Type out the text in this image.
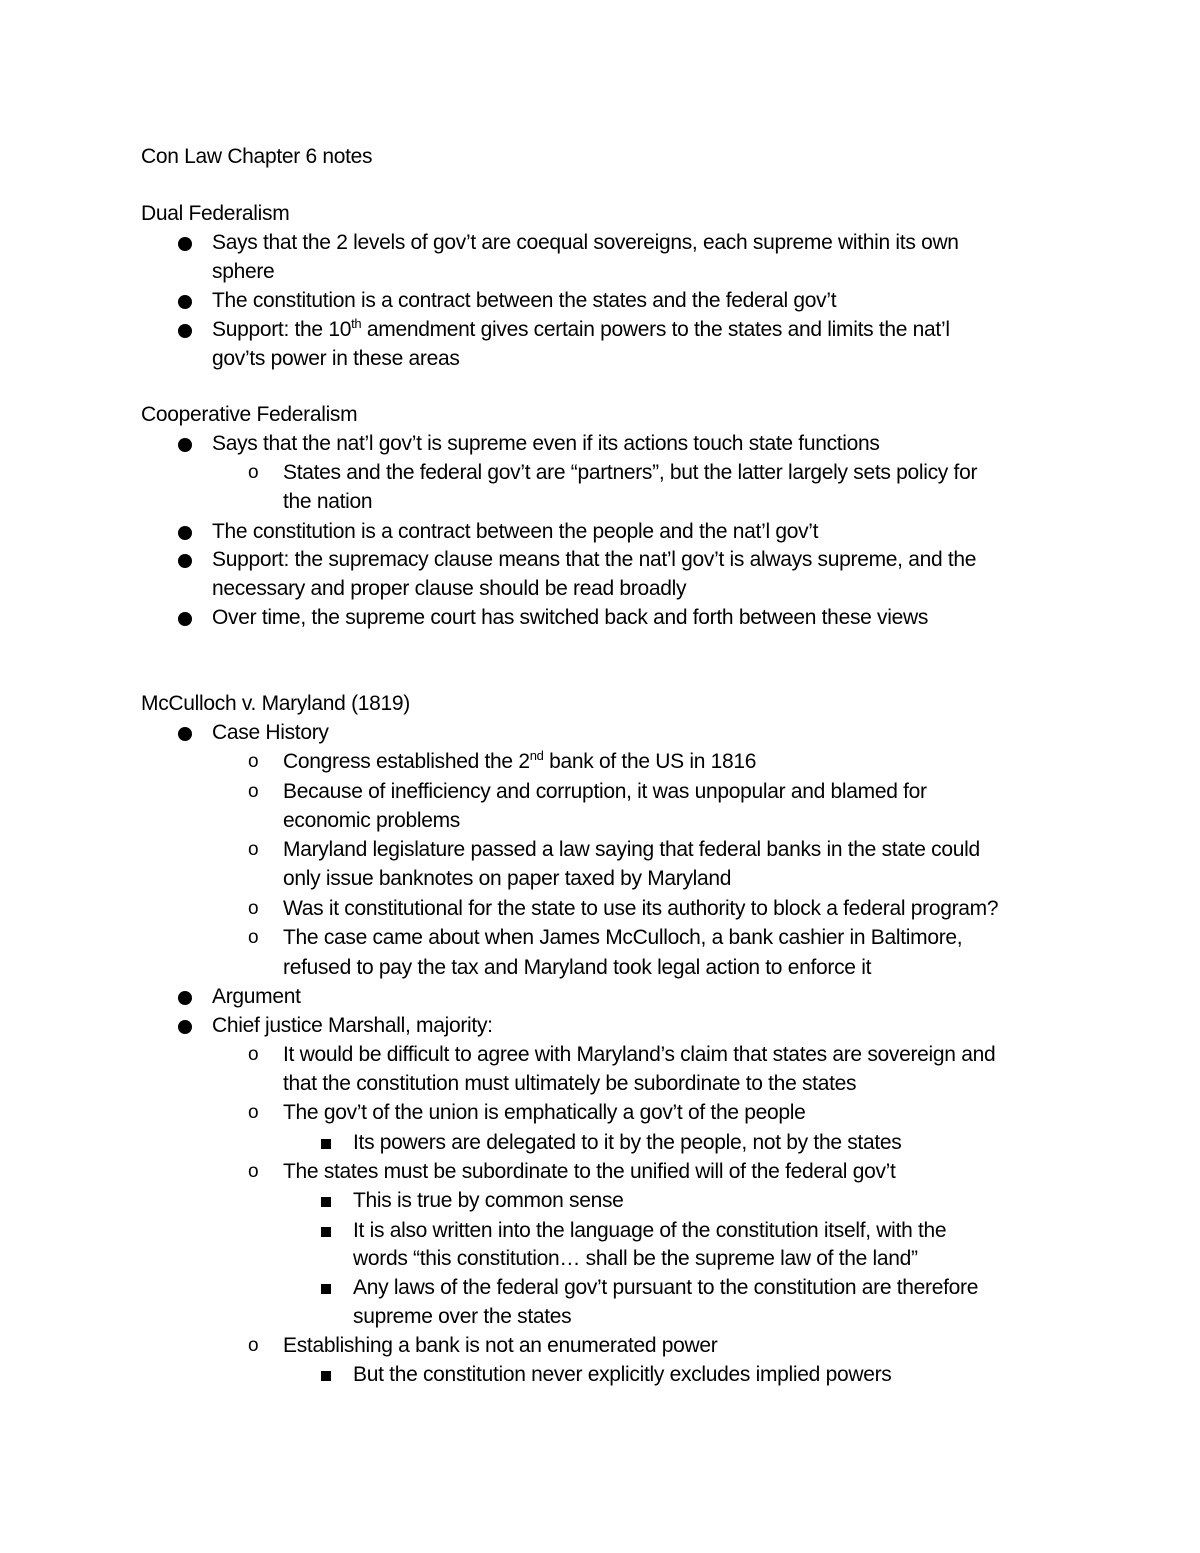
Con Law Chapter 6 notes
Dual Federalism
Says that the 2 levels of gov’t are coequal sovereigns, each supreme within its own
sphere
The constitution is a contract between the states and the federal gov’t
Support: the 10th amendment gives certain powers to the states and limits the nat’l
gov’ts power in these areas
Cooperative Federalism
Says that the nat’l gov’t is supreme even if its actions touch state functions
o States and the federal gov’t are “partners”, but the latter largely sets policy for
the nation
The constitution is a contract between the people and the nat’l gov’t
Support: the supremacy clause means that the nat’l gov’t is always supreme, and the
necessary and proper clause should be read broadly
Over time, the supreme court has switched back and forth between these views
McCulloch v. Maryland (1819)
Case History
o Congress established the 2nd bank of the US in 1816
o Because of inefficiency and corruption, it was unpopular and blamed for
economic problems
o Maryland legislature passed a law saying that federal banks in the state could
only issue banknotes on paper taxed by Maryland
o Was it constitutional for the state to use its authority to block a federal program?
o The case came about when James McCulloch, a bank cashier in Baltimore,
refused to pay the tax and Maryland took legal action to enforce it
Argument
Chief justice Marshall, majority:
o It would be difficult to agree with Maryland’s claim that states are sovereign and
that the constitution must ultimately be subordinate to the states
o The gov’t of the union is emphatically a gov’t of the people
Its powers are delegated to it by the people, not by the states
o The states must be subordinate to the unified will of the federal gov’t
This is true by common sense
It is also written into the language of the constitution itself, with the
words “this constitution… shall be the supreme law of the land”
Any laws of the federal gov’t pursuant to the constitution are therefore
supreme over the states
o Establishing a bank is not an enumerated power
But the constitution never explicitly excludes implied powers
